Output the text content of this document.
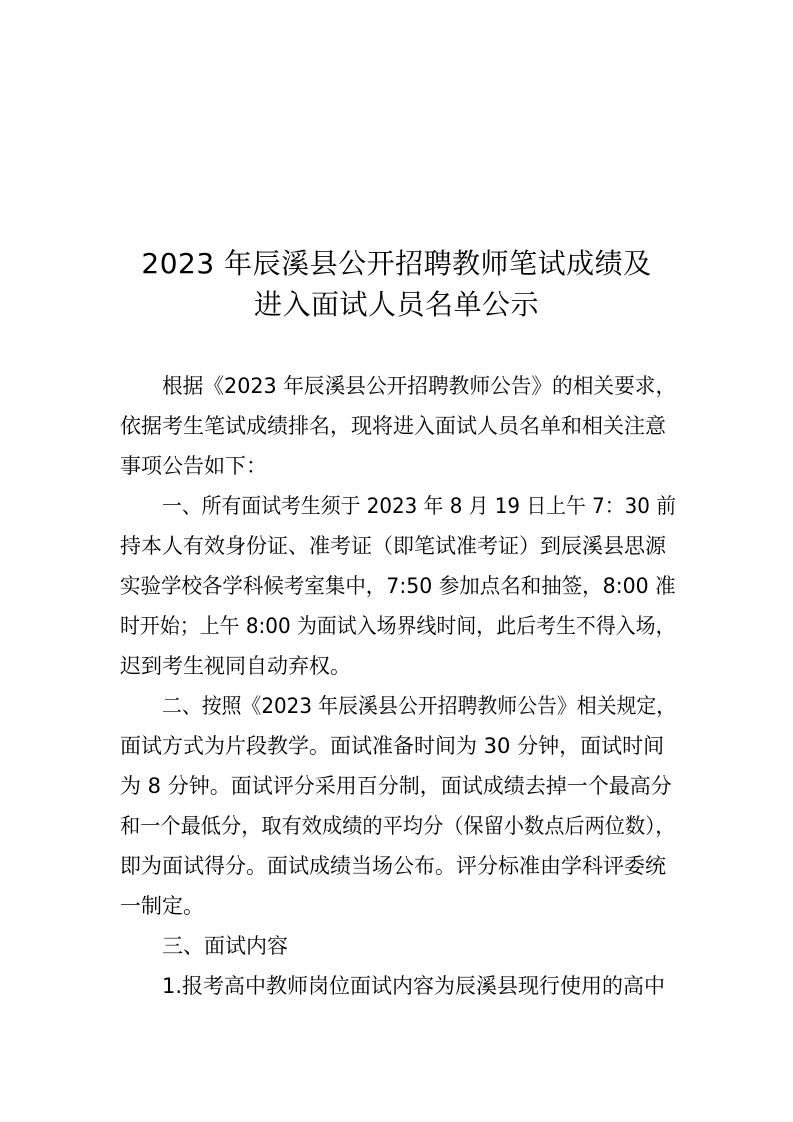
2023 年辰溪县公开招聘教师笔试成绩及
进入面试人员名单公示
根据《2023 年辰溪县公开招聘教师公告》的相关要求，
依据考生笔试成绩排名，现将进入面试人员名单和相关注意
事项公告如下：
一、所有面试考生须于 2023 年 8 月 19 日上午 7：30 前
持本人有效身份证、准考证（即笔试准考证）到辰溪县思源
实验学校各学科候考室集中，7:50 参加点名和抽签，8:00 准
时开始；上午 8:00 为面试入场界线时间，此后考生不得入场，
迟到考生视同自动弃权。
二、按照《2023 年辰溪县公开招聘教师公告》相关规定，
面试方式为片段教学。面试准备时间为 30 分钟，面试时间
为 8 分钟。面试评分采用百分制，面试成绩去掉一个最高分
和一个最低分，取有效成绩的平均分（保留小数点后两位数），
即为面试得分。面试成绩当场公布。评分标准由学科评委统
一制定。
三、面试内容
1.报考高中教师岗位面试内容为辰溪县现行使用的高中
